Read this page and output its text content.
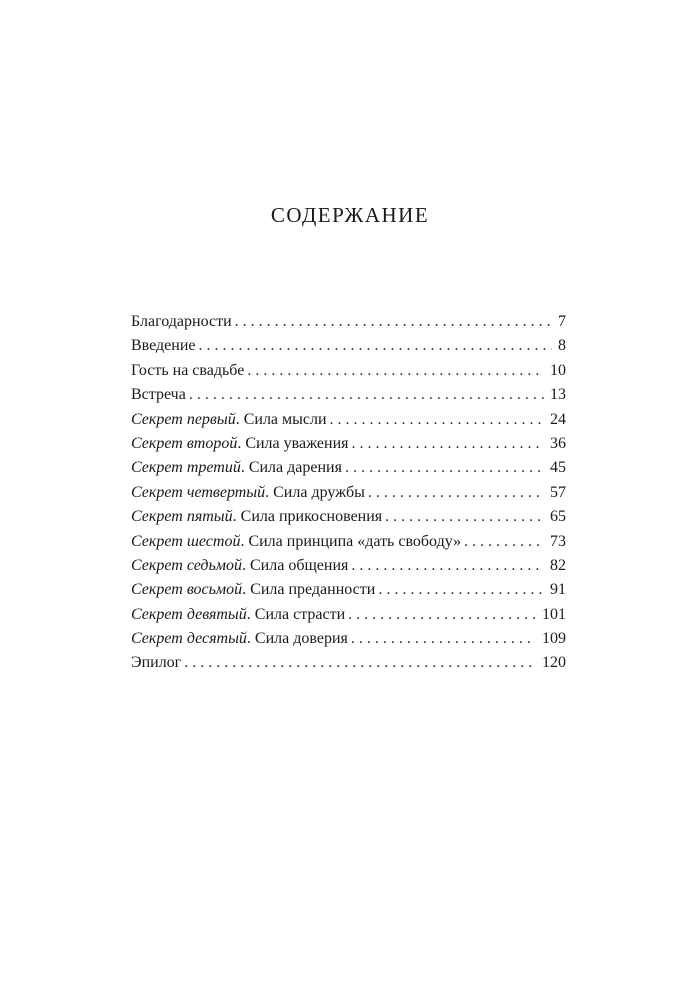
СОДЕРЖАНИЕ
Благодарности . . .	7
Введение . . .	8
Гость на свадьбе . . .	10
Встреча . . .	13
Секрет первый. Сила мысли . . .	24
Секрет второй. Сила уважения . . .	36
Секрет третий. Сила дарения . . .	45
Секрет четвертый. Сила дружбы . . .	57
Секрет пятый. Сила прикосновения . . .	65
Секрет шестой. Сила принципа «дать свободу» . . .	73
Секрет седьмой. Сила общения . . .	82
Секрет восьмой. Сила преданности . . .	91
Секрет девятый. Сила страсти . . .	101
Секрет десятый. Сила доверия . . .	109
Эпилог . . .	120
